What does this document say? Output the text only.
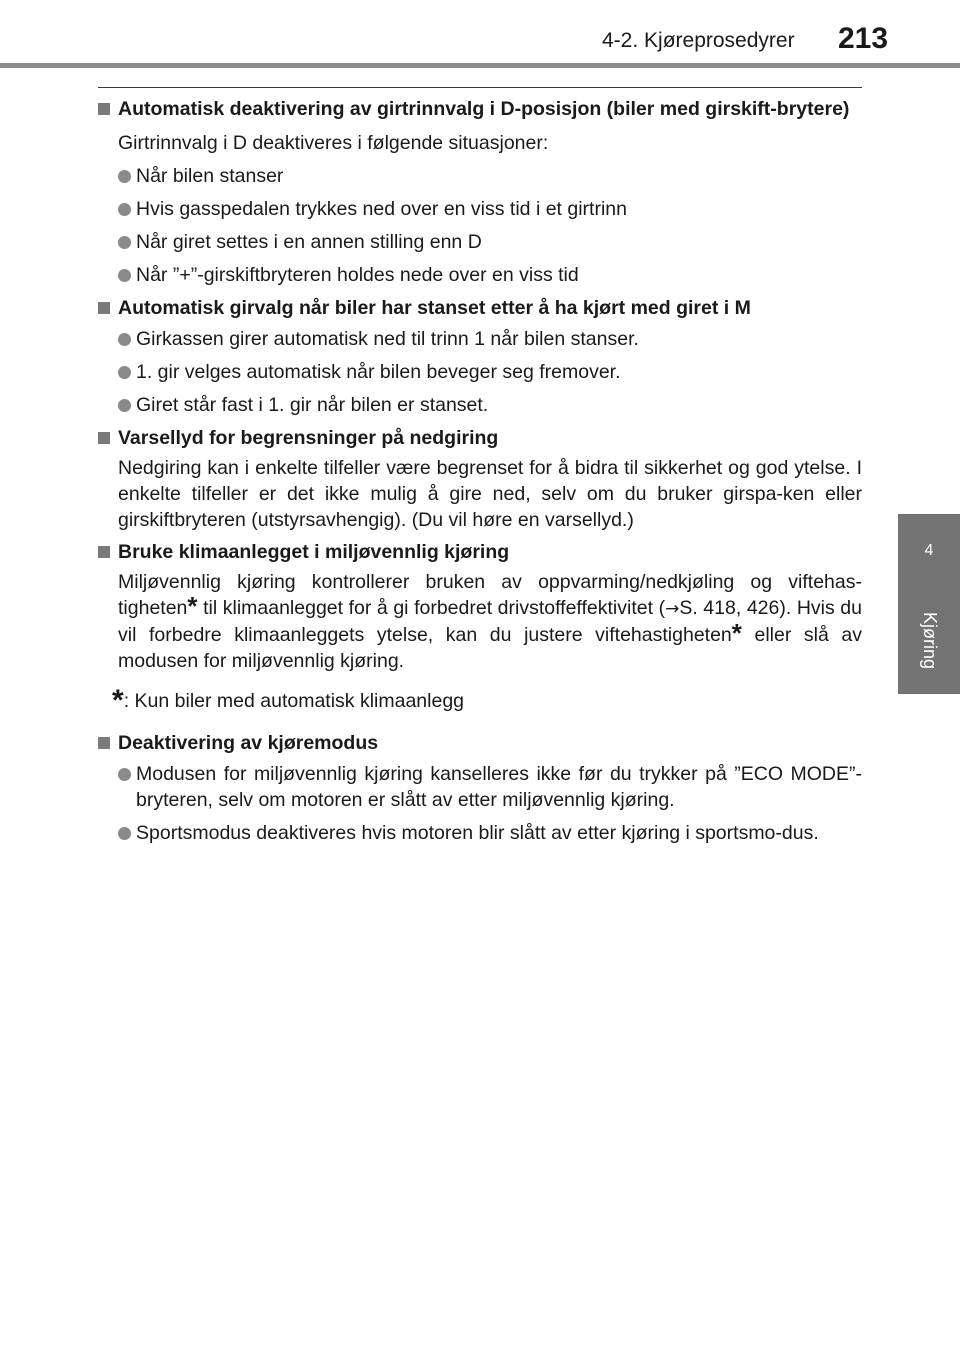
4-2. Kjøreprosedyrer 213
4
Kjøring
Automatisk deaktivering av girtrinnvalg i D-posisjon (biler med girskift-brytere)
Girtrinnvalg i D deaktiveres i følgende situasjoner:
Når bilen stanser
Hvis gasspedalen trykkes ned over en viss tid i et girtrinn
Når giret settes i en annen stilling enn D
Når ”+”-girskiftbryteren holdes nede over en viss tid
Automatisk girvalg når biler har stanset etter å ha kjørt med giret i M
Girkassen girer automatisk ned til trinn 1 når bilen stanser.
1. gir velges automatisk når bilen beveger seg fremover.
Giret står fast i 1. gir når bilen er stanset.
Varsellyd for begrensninger på nedgiring
Nedgiring kan i enkelte tilfeller være begrenset for å bidra til sikkerhet og god ytelse. I enkelte tilfeller er det ikke mulig å gire ned, selv om du bruker girspa-ken eller girskiftbryteren (utstyrsavhengig). (Du vil høre en varsellyd.)
Bruke klimaanlegget i miljøvennlig kjøring
Miljøvennlig kjøring kontrollerer bruken av oppvarming/nedkjøling og viftehas-tigheten* til klimaanlegget for å gi forbedret drivstoffeffektivitet (→S. 418, 426). Hvis du vil forbedre klimaanleggets ytelse, kan du justere viftehastigheten* eller slå av modusen for miljøvennlig kjøring.
*: Kun biler med automatisk klimaanlegg
Deaktivering av kjøremodus
Modusen for miljøvennlig kjøring kanselleres ikke før du trykker på ”ECO MODE”-bryteren, selv om motoren er slått av etter miljøvennlig kjøring.
Sportsmodus deaktiveres hvis motoren blir slått av etter kjøring i sportsmo-dus.
